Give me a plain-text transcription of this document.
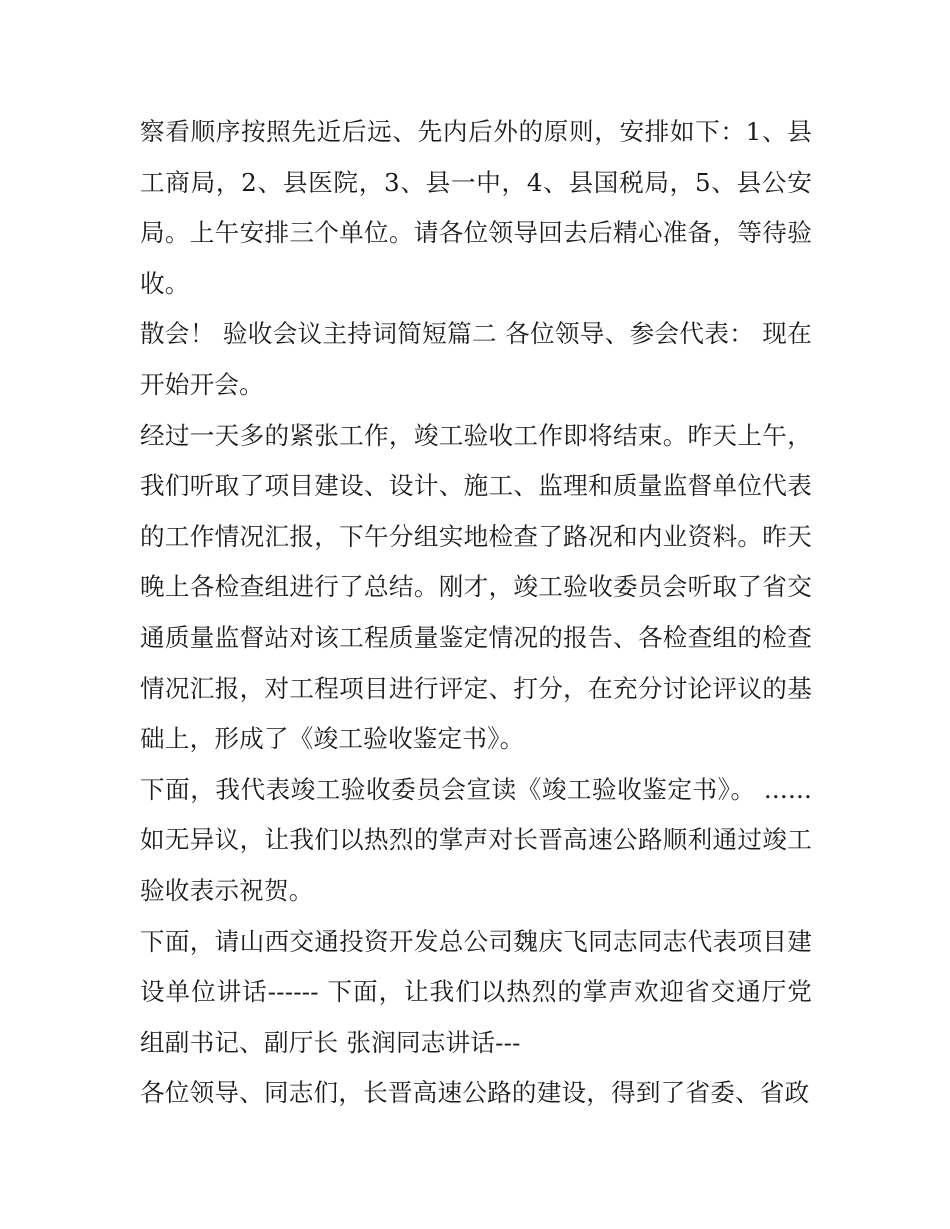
察看顺序按照先近后远、先内后外的原则，安排如下：1、县工商局，2、县医院，3、县一中，4、县国税局，5、县公安局。上午安排三个单位。请各位领导回去后精心准备，等待验收。

散会！ 验收会议主持词简短篇二 各位领导、参会代表： 现在开始开会。

经过一天多的紧张工作，竣工验收工作即将结束。昨天上午，我们听取了项目建设、设计、施工、监理和质量监督单位代表的工作情况汇报，下午分组实地检查了路况和内业资料。昨天晚上各检查组进行了总结。刚才，竣工验收委员会听取了省交通质量监督站对该工程质量鉴定情况的报告、各检查组的检查情况汇报，对工程项目进行评定、打分，在充分讨论评议的基础上，形成了《竣工验收鉴定书》。

下面，我代表竣工验收委员会宣读《竣工验收鉴定书》。 ......如无异议，让我们以热烈的掌声对长晋高速公路顺利通过竣工验收表示祝贺。

下面，请山西交通投资开发总公司魏庆飞同志同志代表项目建设单位讲话------ 下面，让我们以热烈的掌声欢迎省交通厅党组副书记、副厅长 张润同志讲话---

各位领导、同志们，长晋高速公路的建设，得到了省委、省政
